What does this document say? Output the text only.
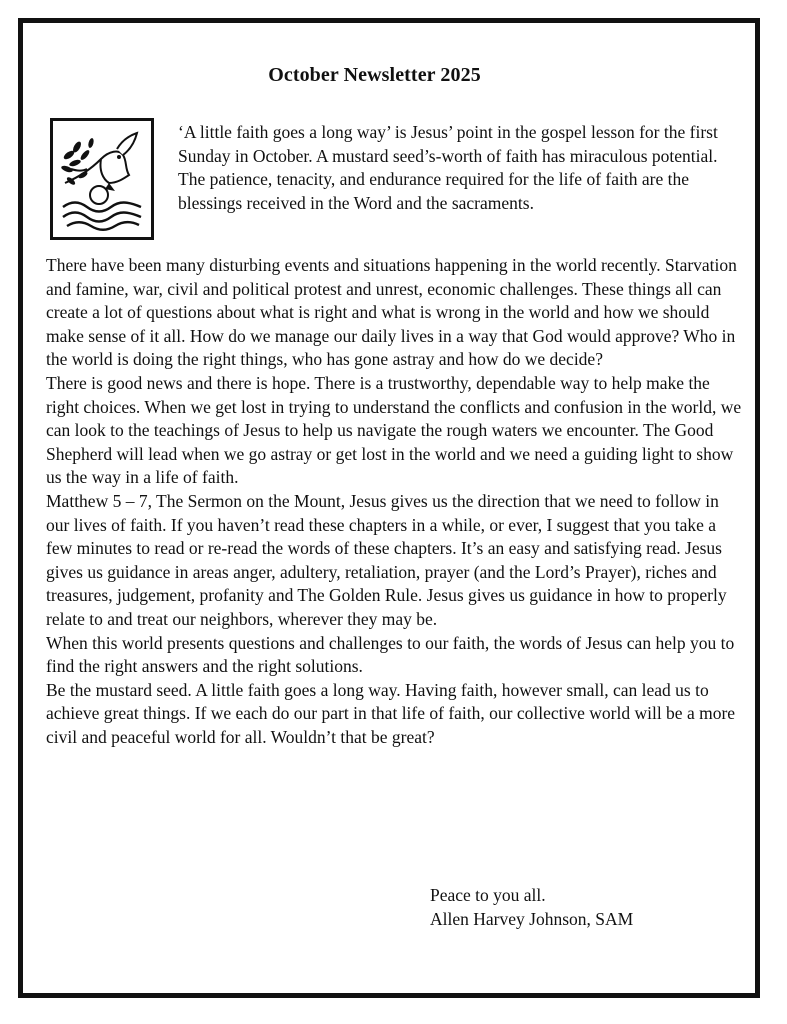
October Newsletter 2025
‘A little faith goes a long way’ is Jesus’ point in the gospel lesson for the first Sunday in October. A mustard seed’s-worth of faith has miraculous potential. The patience, tenacity, and endurance required for the life of faith are the blessings received in the Word and the sacraments.

There have been many disturbing events and situations happening in the world recently. Starvation and famine, war, civil and political protest and unrest, economic challenges. These things all can create a lot of questions about what is right and what is wrong in the world and how we should make sense of it all. How do we manage our daily lives in a way that God would approve? Who in the world is doing the right things, who has gone astray and how do we decide?

There is good news and there is hope. There is a trustworthy, dependable way to help make the right choices. When we get lost in trying to understand the conflicts and confusion in the world, we can look to the teachings of Jesus to help us navigate the rough waters we encounter. The Good Shepherd will lead when we go astray or get lost in the world and we need a guiding light to show us the way in a life of faith.

Matthew 5 – 7, The Sermon on the Mount, Jesus gives us the direction that we need to follow in our lives of faith. If you haven’t read these chapters in a while, or ever, I suggest that you take a few minutes to read or re-read the words of these chapters. It’s an easy and satisfying read. Jesus gives us guidance in areas anger, adultery, retaliation, prayer (and the Lord’s Prayer), riches and treasures, judgement, profanity and The Golden Rule. Jesus gives us guidance in how to properly relate to and treat our neighbors, wherever they may be.

When this world presents questions and challenges to our faith, the words of Jesus can help you to find the right answers and the right solutions.

Be the mustard seed. A little faith goes a long way. Having faith, however small, can lead us to achieve great things. If we each do our part in that life of faith, our collective world will be a more civil and peaceful world for all. Wouldn’t that be great?

Peace to you all.
Allen Harvey Johnson, SAM
